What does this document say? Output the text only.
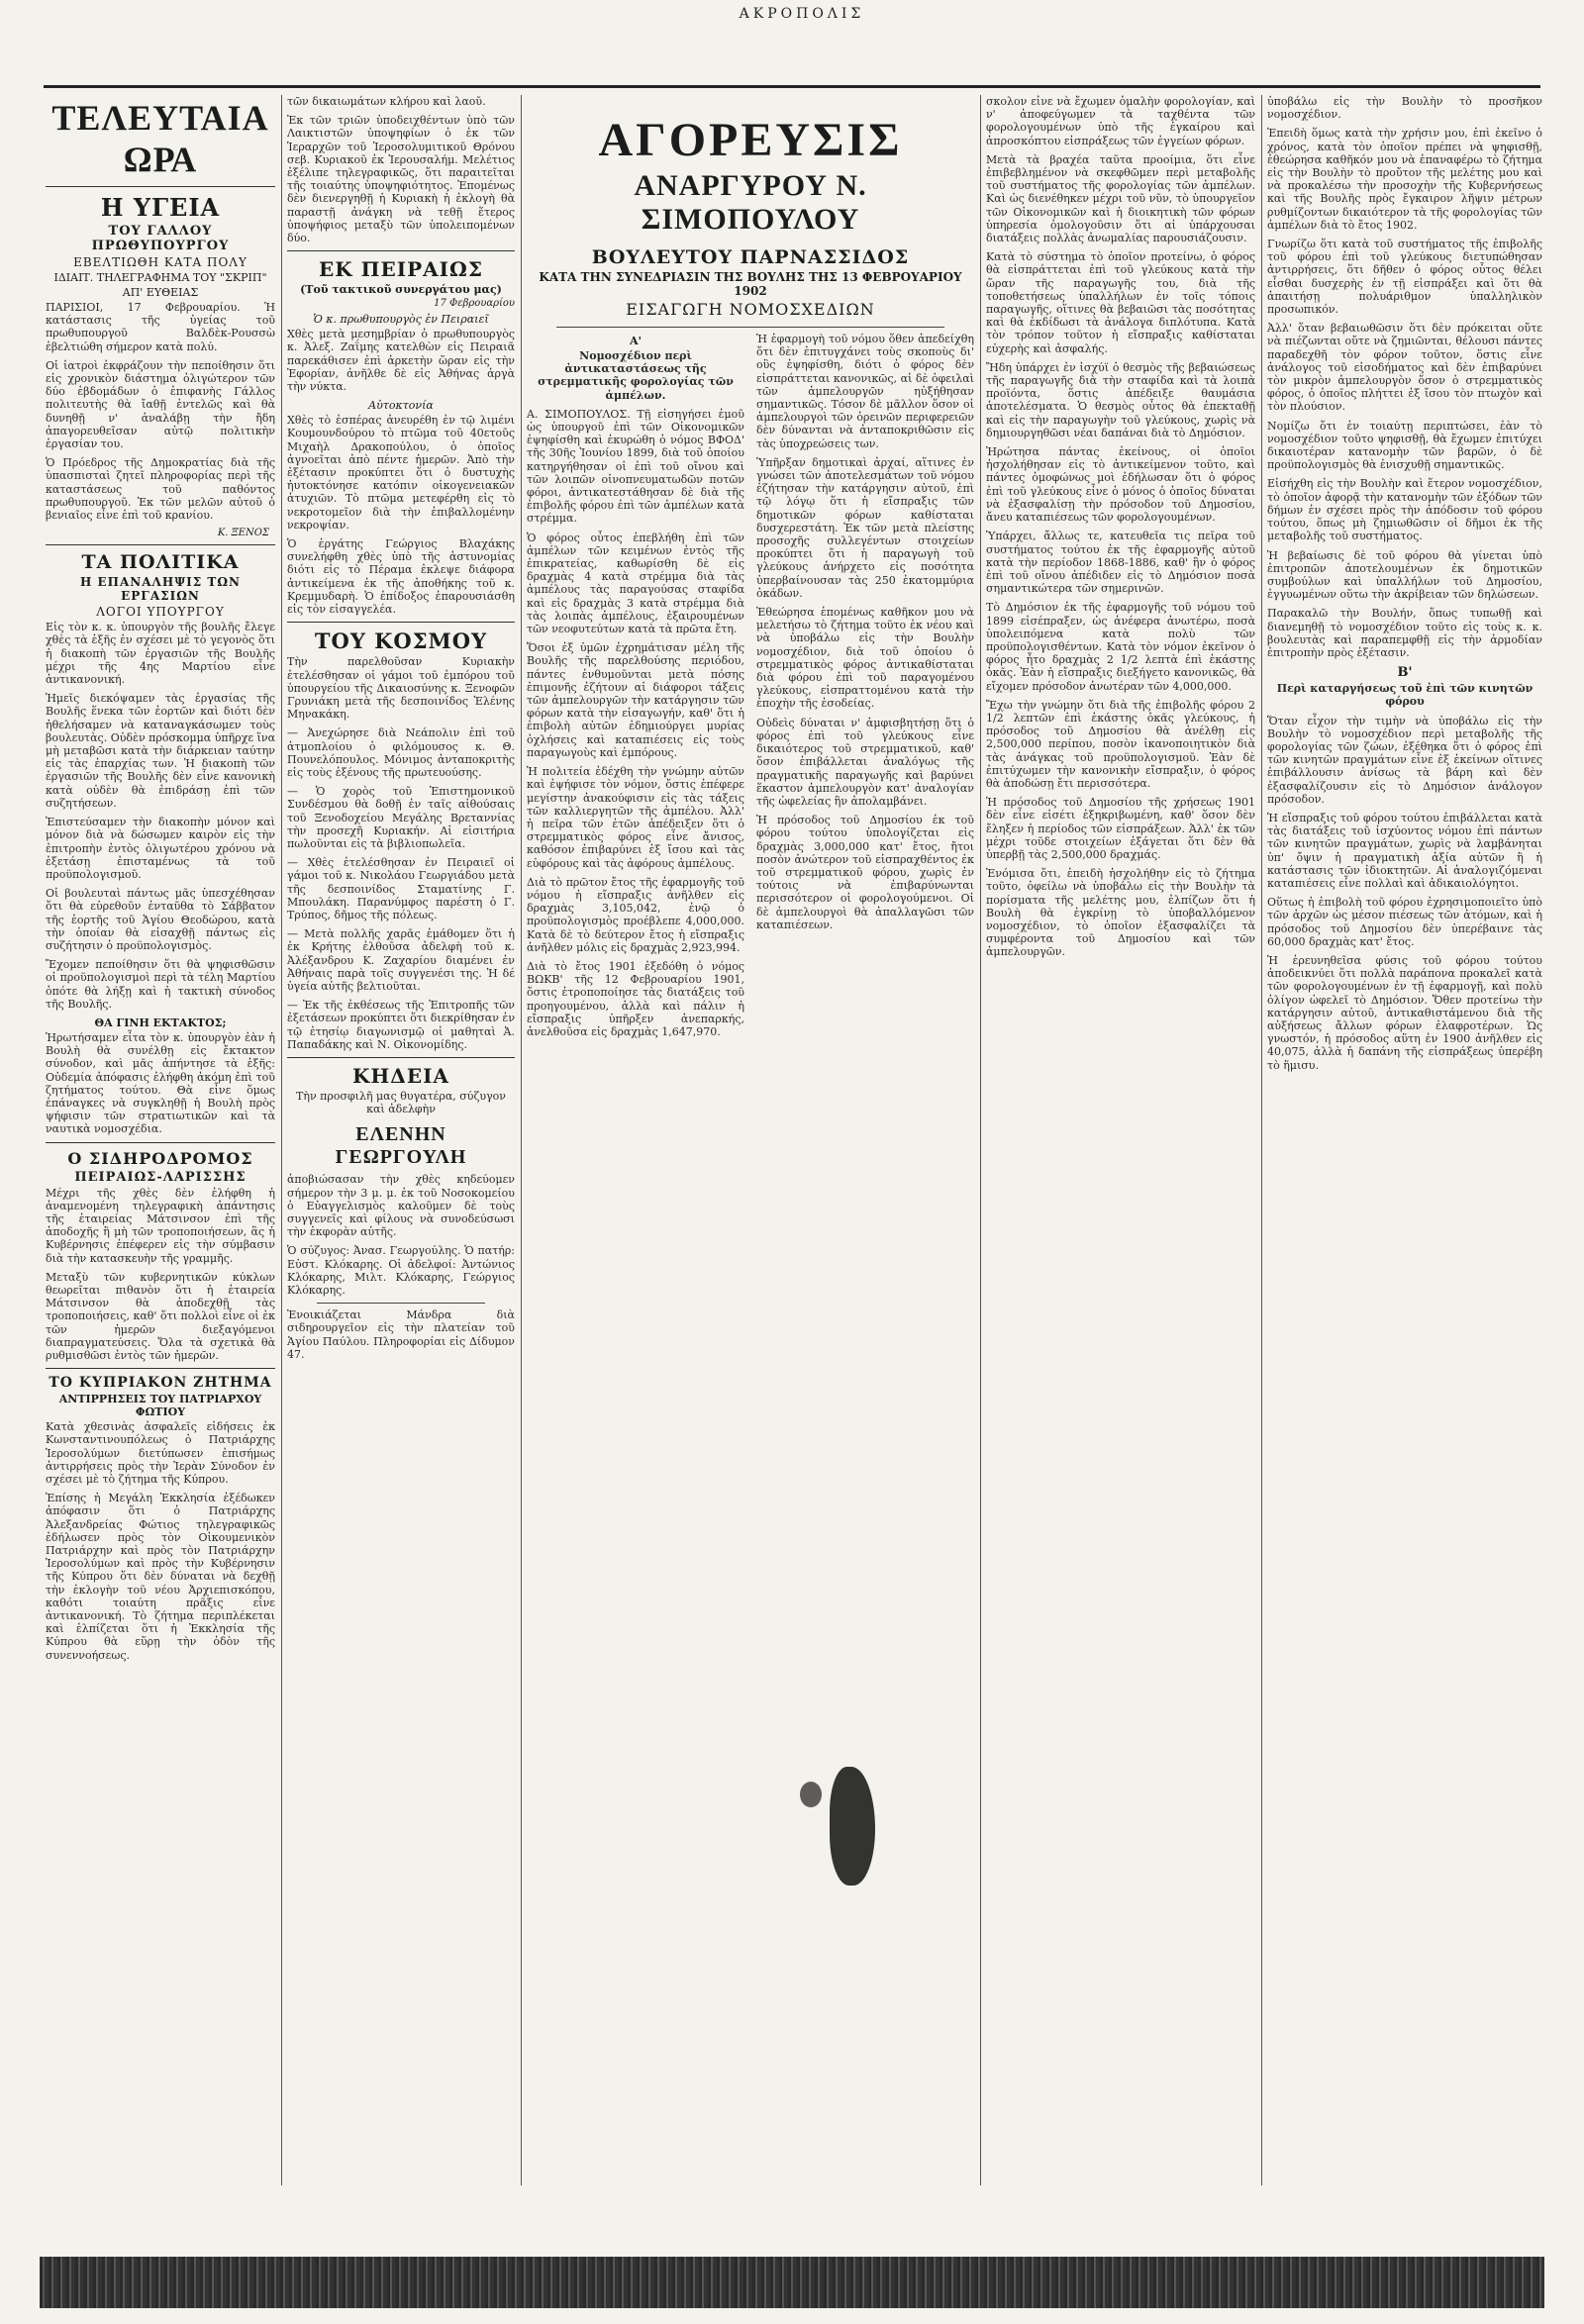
ΑΚΡΟΠΟΛΙΣ
ΤΕΛΕΥΤΑΙΑ ΩΡΑ
Η ΥΓΕΙΑ
ΤΟΥ ΓΑΛΛΟΥ ΠΡΩΘΥΠΟΥΡΓΟΥ
ΕΒΕΛΤΙΩΘΗ ΚΑΤΑ ΠΟΛΥ
ΙΔΙΑΙΤ. ΤΗΛΕΓΡΑΦΗΜΑ ΤΟΥ "ΣΚΡΙΠ"
ΑΠ' ΕΥΘΕΙΑΣ

ΠΑΡΙΣΙΟΙ, 17 Φεβρουαρίου. Ἡ κατάστασις τῆς ὑγείας τοῦ πρωθυπουργοῦ Βαλδὲκ-Ρουσσὼ ἐβελτιώθη σήμερον κατὰ πολύ.

Οἱ ἰατροὶ ἐκφράζουν τὴν πεποίθησιν ὅτι εἰς χρονικὸν διάστημα ὀλιγώτερον τῶν δύο ἑβδομάδων ὁ ἐπιφανὴς Γάλλος πολιτευτὴς θὰ ἴαθῇ ἐντελῶς καὶ θὰ δυνηθῇ ν' ἀναλάβῃ τὴν ἤδη ἀπαγορευθεῖσαν αὐτῷ πολιτικὴν ἐργασίαν του.

Ὁ Πρόεδρος τῆς Δημοκρατίας διὰ τῆς ὑπασπισταὶ ζητεῖ πληροφορίας περὶ τῆς καταστάσεως τοῦ παθόντος πρωθυπουργοῦ. Ἐκ τῶν μελῶν αὐτοῦ ὁ βενιαῖος εἶνε ἐπὶ τοῦ κρανίου.

Κ. ΞΕΝΟΣ
ΤΑ ΠΟΛΙΤΙΚΑ
Η ΕΠΑΝΑΛΗΨΙΣ ΤΩΝ ΕΡΓΑΣΙΩΝ
ΛΟΓΟΙ ΥΠΟΥΡΓΟΥ

Εἰς τὸν κ. κ. ὑπουργὸν τῆς βουλῆς ἔλεγε χθὲς τὰ ἑξῆς ἐν σχέσει μὲ τὸ γεγονὸς ὅτι ἡ διακοπὴ τῶν ἐργασιῶν τῆς Βουλῆς μέχρι τῆς 4ης Μαρτίου εἶνε ἀντικανονική.

Ἡμεῖς διεκόψαμεν τὰς ἐργασίας τῆς Βουλῆς ἕνεκα τῶν ἑορτῶν καὶ διότι δὲν ἠθελήσαμεν νὰ καταναγκάσωμεν τοὺς βουλευτὰς. Οὐδὲν πρόσκομμα ὑπῆρχε ἵνα μὴ μεταβῶσι κατὰ τὴν διάρκειαν ταύτην εἰς τὰς ἐπαρχίας των. Ἡ διακοπὴ τῶν ἐργασιῶν τῆς Βουλῆς δὲν εἶνε κανονικὴ κατὰ οὐδὲν θὰ ἐπιδράσῃ ἐπὶ τῶν συζητήσεων.

Ἐπιστεύσαμεν τὴν διακοπὴν μόνον καὶ μόνον διὰ νὰ δώσωμεν καιρὸν εἰς τὴν ἐπιτροπὴν ἐντὸς ὀλιγωτέρου χρόνου νὰ ἐξετάσῃ ἐπισταμένως τὰ τοῦ προϋπολογισμοῦ.

Οἱ βουλευταὶ πάντως μᾶς ὑπεσχέθησαν ὅτι θὰ εὑρεθοῦν ἐνταῦθα τὸ Σάββατον τῆς ἑορτῆς τοῦ Ἁγίου Θεοδώρου, κατὰ τὴν ὁποίαν θὰ εἰσαχθῇ πάντως εἰς συζήτησιν ὁ προϋπολογισμὸς.

Ἔχομεν πεποίθησιν ὅτι θὰ ψηφισθῶσιν οἱ προϋπολογισμοὶ περὶ τὰ τέλη Μαρτίου ὁπότε θὰ λήξῃ καὶ ἡ τακτικὴ σύνοδος τῆς Βουλῆς.

ΘΑ ΓΙΝΗ ΕΚΤΑΚΤΟΣ;

Ἠρωτήσαμεν εἶτα τὸν κ. ὑπουργὸν ἐὰν ἡ Βουλὴ θὰ συνέλθῃ εἰς ἔκτακτον σύνοδον, καὶ μᾶς ἀπήντησε τὰ ἑξῆς: Οὐδεμία ἀπόφασις ἐλήφθη ἀκόμη ἐπὶ τοῦ ζητήματος τούτου. Θὰ εἶνε ὅμως ἐπάναγκες νὰ συγκληθῇ ἡ Βουλὴ πρὸς ψήφισιν τῶν στρατιωτικῶν καὶ τὰ ναυτικὰ νομοσχέδια.

Ο ΣΙΔΗΡΟΔΡΟΜΟΣ
ΠΕΙΡΑΙΩΣ-ΛΑΡΙΣΣΗΣ

Μέχρι τῆς χθὲς δὲν ἐλήφθη ἡ ἀναμενομένη τηλεγραφικὴ ἀπάντησις τῆς ἑταιρείας Μάτσινσον ἐπὶ τῆς ἀποδοχῆς ἢ μὴ τῶν τροποποιήσεων, ἃς ἡ Κυβέρνησις ἐπέφερεν εἰς τὴν σύμβασιν διὰ τὴν κατασκευὴν τῆς γραμμῆς.

Μεταξὺ τῶν κυβερνητικῶν κύκλων θεωρεῖται πιθανὸν ὅτι ἡ ἑταιρεία Μάτσινσον θὰ ἀποδεχθῇ τὰς τροποποιήσεις, καθ' ὅτι πολλοὶ εἶνε οἱ ἐκ τῶν ἡμερῶν διεξαγόμενοι διαπραγματεύσεις. Ὅλα τὰ σχετικὰ θὰ ρυθμισθῶσι ἐντὸς τῶν ἡμερῶν.

ΤΟ ΚΥΠΡΙΑΚΟΝ ΖΗΤΗΜΑ
ΑΝΤΙΡΡΗΣΕΙΣ ΤΟΥ ΠΑΤΡΙΑΡΧΟΥ ΦΩΤΙΟΥ

Κατὰ χθεσινὰς ἀσφαλεῖς εἰδήσεις ἐκ Κωνσταντινουπόλεως ὁ Πατριάρχης Ἱεροσολύμων διετύπωσεν ἐπισήμως ἀντιρρήσεις πρὸς τὴν Ἱερὰν Σύνοδον ἐν σχέσει μὲ τὸ ζήτημα τῆς Κύπρου.

Ἐπίσης ἡ Μεγάλη Ἐκκλησία ἐξέδωκεν ἀπόφασιν ὅτι ὁ Πατριάρχης Ἀλεξανδρείας Φώτιος τηλεγραφικῶς ἐδήλωσεν πρὸς τὸν Οἰκουμενικὸν Πατριάρχην καὶ πρὸς τὸν Πατριάρχην Ἱεροσολύμων καὶ πρὸς τὴν Κυβέρνησιν τῆς Κύπρου ὅτι δὲν δύναται νὰ δεχθῇ τὴν ἐκλογὴν τοῦ νέου Ἀρχιεπισκόπου, καθότι τοιαύτη πρᾶξις εἶνε ἀντικανονική. Τὸ ζήτημα περιπλέκεται καὶ ἐλπίζεται ὅτι ἡ Ἐκκλησία τῆς Κύπρου θὰ εὕρῃ τὴν ὁδὸν τῆς συνεννοήσεως.

τῶν δικαιωμάτων κλήρου καὶ λαοῦ.

Ἐκ τῶν τριῶν ὑποδειχθέντων ὑπὸ τῶν Λαικτιστῶν ὑποψηφίων ὁ ἐκ τῶν Ἱεραρχῶν τοῦ Ἱεροσολυμιτικοῦ Θρόνου σεβ. Κυριακοῦ ἐκ Ἱερουσαλήμ. Μελέτιος ἐξέλιπε τηλεγραφικῶς, ὅτι παραιτεῖται τῆς τοιαύτης ὑποψηφιότητος. Ἐπομένως δὲν διενεργηθῇ ἡ Κυριακὴ ἡ ἐκλογὴ θὰ παραστῇ ἀνάγκη νὰ τεθῇ ἕτερος ὑποψήφιος μεταξὺ τῶν ὑπολειπομένων δύο.

ΕΚ ΠΕΙΡΑΙΩΣ
(Τοῦ τακτικοῦ συνεργάτου μας)
17 Φεβρουαρίου
Ὁ κ. πρωθυπουργὸς ἐν Πειραιεῖ

Χθὲς μετὰ μεσημβρίαν ὁ πρωθυπουργὸς κ. Ἀλεξ. Ζαΐμης κατελθὼν εἰς Πειραιᾶ παρεκάθισεν ἐπὶ ἀρκετὴν ὥραν εἰς τὴν Ἐφορίαν, ἀνῆλθε δὲ εἰς Ἀθήνας ἀργὰ τὴν νύκτα.

Αὐτοκτονία

Χθὲς τὸ ἑσπέρας ἀνευρέθη ἐν τῷ λιμένι Κουμουνδούρου τὸ πτῶμα τοῦ 40ετοῦς Μιχαὴλ Δρακοπούλου, ὁ ὁποῖος ἀγνοεῖται ἀπὸ πέντε ἡμερῶν. Ἀπὸ τὴν ἐξέτασιν προκύπτει ὅτι ὁ δυστυχὴς ἠυτοκτόνησε κατόπιν οἰκογενειακῶν ἀτυχιῶν. Τὸ πτῶμα μετεφέρθη εἰς τὸ νεκροτομεῖον διὰ τὴν ἐπιβαλλομένην νεκροψίαν.

Ὁ ἐργάτης Γεώργιος Βλαχάκης συνελήφθη χθὲς ὑπὸ τῆς ἀστυνομίας διότι εἰς τὸ Πέραμα ἐκλεψε διάφορα ἀντικείμενα ἐκ τῆς ἀποθήκης τοῦ κ. Κρεμμυδαρὴ. Ὁ ἐπίδοξος ἐπαρουσιάσθη εἰς τὸν εἰσαγγελέα.

ΤΟΥ ΚΟΣΜΟΥ

Τὴν παρελθοῦσαν Κυριακὴν ἐτελέσθησαν οἱ γάμοι τοῦ ἐμπόρου τοῦ ὑπουργείου τῆς Δικαιοσύνης κ. Ξενοφῶν Γρυνιάκη μετὰ τῆς δεσποινίδος Ἑλένης Μηνακάκη.

— Ἀνεχώρησε διὰ Νεάπολιν ἐπὶ τοῦ ἀτμοπλοίου ὁ φιλόμουσος κ. Θ. Πουνελόπουλος. Μόνιμος ἀνταποκριτὴς εἰς τοὺς ἐξένους τῆς πρωτευούσης.

— Ὁ χορὸς τοῦ Ἐπιστημονικοῦ Συνδέσμου θὰ δοθῇ ἐν ταῖς αἰθούσαις τοῦ Ξενοδοχείου Μεγάλης Βρεταννίας τὴν προσεχῆ Κυριακήν. Αἱ εἰσιτήρια πωλοῦνται εἰς τὰ βιβλιοπωλεῖα.

— Χθὲς ἐτελέσθησαν ἐν Πειραιεῖ οἱ γάμοι τοῦ κ. Νικολάου Γεωργιάδου μετὰ τῆς δεσποινίδος Σταματίνης Γ. Μπουλάκη. Παρανύμφος παρέστη ὁ Γ. Τρύπος, δῆμος τῆς πόλεως.

— Μετὰ πολλῆς χαρᾶς ἐμάθομεν ὅτι ἡ ἐκ Κρήτης ἐλθοῦσα ἀδελφὴ τοῦ κ. Ἀλέξανδρου Κ. Ζαχαρίου διαμένει ἐν Ἀθήναις παρὰ τοῖς συγγενέσι της. Ἡ δέ ὑγεία αὐτῆς βελτιοῦται.

— Ἐκ τῆς ἐκθέσεως τῆς Ἐπιτροπῆς τῶν ἐξετάσεων προκύπτει ὅτι διεκρίθησαν ἐν τῷ ἐτησίῳ διαγωνισμῷ οἱ μαθηταὶ Ἀ. Παπαδάκης καὶ Ν. Οἰκονομίδης.

ΚΗΔΕΙΑ

Τὴν προσφιλῆ μας θυγατέρα, σύζυγον καὶ ἀδελφὴν

ΕΛΕΝΗΝ ΓΕΩΡΓΟΥΛΗ

ἀποβιώσασαν τὴν χθὲς κηδεύομεν σήμερον τὴν 3 μ. μ. ἐκ τοῦ Νοσοκομείου ὁ Εὐαγγελισμὸς καλοῦμεν δὲ τοὺς συγγενεῖς καὶ φίλους νὰ συνοδεύσωσι τὴν ἐκφορὰν αὐτῆς.

Ὁ σύζυγος: Ἀνασ. Γεωργούλης. Ὁ πατήρ: Εὐστ. Κλόκαρης. Οἱ ἀδελφοί: Ἀντώνιος Κλόκαρης, Μιλτ. Κλόκαρης, Γεώργιος Κλόκαρης.

Ἐνοικιάζεται Μάνδρα διὰ σιδηρουργεῖον εἰς τὴν πλατείαν τοῦ Ἁγίου Παύλου. Πληροφορίαι εἰς Δίδυμον 47.

ΑΓΟΡΕΥΣΙΣ
ΑΝΑΡΓΥΡΟΥ Ν. ΣΙΜΟΠΟΥΛΟΥ
ΒΟΥΛΕΥΤΟΥ ΠΑΡΝΑΣΣΙΔΟΣ
ΚΑΤΑ ΤΗΝ ΣΥΝΕΔΡΙΑΣΙΝ ΤΗΣ ΒΟΥΛΗΣ ΤΗΣ 13 ΦΕΒΡΟΥΑΡΙΟΥ 1902
ΕΙΣΑΓΩΓΗ ΝΟΜΟΣΧΕΔΙΩΝ
Α'

Νομοσχέδιον περὶ ἀντικαταστάσεως τῆς στρεμματικῆς φορολογίας τῶν ἀμπέλων.

Α. ΣΙΜΟΠΟΥΛΟΣ. Τῇ εἰσηγήσει ἐμοῦ ὡς ὑπουργοῦ ἐπὶ τῶν Οἰκονομικῶν ἐψηφίσθη καὶ ἐκυρώθη ὁ νόμος ΒΦΟΔ' τῆς 30ῆς Ἰουνίου 1899, διὰ τοῦ ὁποίου κατηργήθησαν οἱ ἐπὶ τοῦ οἴνου καὶ τῶν λοιπῶν οἰνοπνευματωδῶν ποτῶν φόροι, ἀντικατεστάθησαν δὲ διὰ τῆς ἐπιβολῆς φόρου ἐπὶ τῶν ἀμπέλων κατὰ στρέμμα.

Ὁ φόρος οὗτος ἐπεβλήθη ἐπὶ τῶν ἀμπέλων τῶν κειμένων ἐντὸς τῆς ἐπικρατείας, καθωρίσθη δὲ εἰς δραχμὰς 4 κατὰ στρέμμα διὰ τὰς ἀμπέλους τὰς παραγούσας σταφίδα καὶ εἰς δραχμὰς 3 κατὰ στρέμμα διὰ τὰς λοιπὰς ἀμπέλους, ἐξαιρουμένων τῶν νεοφυτεύτων κατὰ τὰ πρῶτα ἔτη.

Ὅσοι ἐξ ὑμῶν ἐχρημάτισαν μέλη τῆς Βουλῆς τῆς παρελθούσης περιόδου, πάντες ἐνθυμοῦνται μετὰ πόσης ἐπιμονῆς ἐζήτουν αἱ διάφοροι τάξεις τῶν ἀμπελουργῶν τὴν κατάργησιν τῶν φόρων κατὰ τὴν εἰσαγωγήν, καθ' ὅτι ἡ ἐπιβολὴ αὐτῶν ἐδημιούργει μυρίας ὀχλήσεις καὶ καταπιέσεις εἰς τοὺς παραγωγοὺς καὶ ἐμπόρους.

Ἡ πολιτεία ἐδέχθη τὴν γνώμην αὐτῶν καὶ ἐψήφισε τὸν νόμον, ὅστις ἐπέφερε μεγίστην ἀνακούφισιν εἰς τὰς τάξεις τῶν καλλιεργητῶν τῆς ἀμπέλου. Ἀλλ' ἡ πεῖρα τῶν ἐτῶν ἀπέδειξεν ὅτι ὁ στρεμματικὸς φόρος εἶνε ἄνισος, καθόσον ἐπιβαρύνει ἐξ ἴσου καὶ τὰς εὐφόρους καὶ τὰς ἀφόρους ἀμπέλους.

Διὰ τὸ πρῶτον ἔτος τῆς ἐφαρμογῆς τοῦ νόμου ἡ εἴσπραξις ἀνῆλθεν εἰς δραχμὰς 3,105,042, ἐνῷ ὁ προϋπολογισμὸς προέβλεπε 4,000,000. Κατὰ δὲ τὸ δεύτερον ἔτος ἡ εἴσπραξις ἀνῆλθεν μόλις εἰς δραχμὰς 2,923,994.

Διὰ τὸ ἔτος 1901 ἐξεδόθη ὁ νόμος ΒΩΚΒ' τῆς 12 Φεβρουαρίου 1901, ὅστις ἐτροποποίησε τὰς διατάξεις τοῦ προηγουμένου, ἀλλὰ καὶ πάλιν ἡ εἴσπραξις ὑπῆρξεν ἀνεπαρκής, ἀνελθοῦσα εἰς δραχμὰς 1,647,970.

Ἡ ἐφαρμογὴ τοῦ νόμου ὅθεν ἀπεδείχθη ὅτι δὲν ἐπιτυγχάνει τοὺς σκοποὺς δι' οὓς ἐψηφίσθη, διότι ὁ φόρος δὲν εἰσπράττεται κανονικῶς, αἱ δὲ ὀφειλαὶ τῶν ἀμπελουργῶν ηὐξήθησαν σημαντικῶς. Τόσον δὲ μᾶλλον ὅσον οἱ ἀμπελουργοὶ τῶν ὀρεινῶν περιφερειῶν δὲν δύνανται νὰ ἀνταποκριθῶσιν εἰς τὰς ὑποχρεώσεις των.

Ὑπῆρξαν δημοτικαὶ ἀρχαί, αἵτινες ἐν γνώσει τῶν ἀποτελεσμάτων τοῦ νόμου ἐζήτησαν τὴν κατάργησιν αὐτοῦ, ἐπὶ τῷ λόγῳ ὅτι ἡ εἴσπραξις τῶν δημοτικῶν φόρων καθίσταται δυσχερεστάτη. Ἐκ τῶν μετὰ πλείστης προσοχῆς συλλεγέντων στοιχείων προκύπτει ὅτι ἡ παραγωγὴ τοῦ γλεύκους ἀνήρχετο εἰς ποσότητα ὑπερβαίνουσαν τὰς 250 ἑκατομμύρια ὀκάδων.

Ἐθεώρησα ἑπομένως καθῆκον μου νὰ μελετήσω τὸ ζήτημα τοῦτο ἐκ νέου καὶ νὰ ὑποβάλω εἰς τὴν Βουλὴν νομοσχέδιον, διὰ τοῦ ὁποίου ὁ στρεμματικὸς φόρος ἀντικαθίσταται διὰ φόρου ἐπὶ τοῦ παραγομένου γλεύκους, εἰσπραττομένου κατὰ τὴν ἐποχὴν τῆς ἐσοδείας.

Οὐδεὶς δύναται ν' ἀμφισβητήσῃ ὅτι ὁ φόρος ἐπὶ τοῦ γλεύκους εἶνε δικαιότερος τοῦ στρεμματικοῦ, καθ' ὅσον ἐπιβάλλεται ἀναλόγως τῆς πραγματικῆς παραγωγῆς καὶ βαρύνει ἕκαστον ἀμπελουργὸν κατ' ἀναλογίαν τῆς ὠφελείας ἣν ἀπολαμβάνει.

Ἡ πρόσοδος τοῦ Δημοσίου ἐκ τοῦ φόρου τούτου ὑπολογίζεται εἰς δραχμὰς 3,000,000 κατ' ἔτος, ἤτοι ποσὸν ἀνώτερον τοῦ εἰσπραχθέντος ἐκ τοῦ στρεμματικοῦ φόρου, χωρὶς ἐν τούτοις νὰ ἐπιβαρύνωνται περισσότερον οἱ φορολογούμενοι. Οἱ δὲ ἀμπελουργοὶ θὰ ἀπαλλαγῶσι τῶν καταπιέσεων.

σκολον εἶνε νὰ ἔχωμεν ὁμαλὴν φορολογίαν, καὶ ν' ἀποφεύγωμεν τὰ ταχθέντα τῶν φορολογουμένων ὑπὸ τῆς ἐγκαίρου καὶ ἀπροσκόπτου εἰσπράξεως τῶν ἐγγείων φόρων.

Μετὰ τὰ βραχέα ταῦτα προοίμια, ὅτι εἶνε ἐπιβεβλημένον νὰ σκεφθῶμεν περὶ μεταβολῆς τοῦ συστήματος τῆς φορολογίας τῶν ἀμπέλων. Καὶ ὡς διενέθηκεν μέχρι τοῦ νῦν, τὸ ὑπουργεῖον τῶν Οἰκονομικῶν καὶ ἡ διοικητικὴ τῶν φόρων ὑπηρεσία ὁμολογοῦσιν ὅτι αἱ ὑπάρχουσαι διατάξεις πολλὰς ἀνωμαλίας παρουσιάζουσιν.

Κατὰ τὸ σύστημα τὸ ὁποῖον προτείνω, ὁ φόρος θὰ εἰσπράττεται ἐπὶ τοῦ γλεύκους κατὰ τὴν ὥραν τῆς παραγωγῆς του, διὰ τῆς τοποθετήσεως ὑπαλλήλων ἐν τοῖς τόποις παραγωγῆς, οἵτινες θὰ βεβαιῶσι τὰς ποσότητας καὶ θὰ ἐκδίδωσι τὰ ἀνάλογα διπλότυπα. Κατὰ τὸν τρόπον τοῦτον ἡ εἴσπραξις καθίσταται εὐχερὴς καὶ ἀσφαλής.

Ἤδη ὑπάρχει ἐν ἰσχύϊ ὁ θεσμὸς τῆς βεβαιώσεως τῆς παραγωγῆς διὰ τὴν σταφίδα καὶ τὰ λοιπὰ προϊόντα, ὅστις ἀπέδειξε θαυμάσια ἀποτελέσματα. Ὁ θεσμὸς οὗτος θὰ ἐπεκταθῇ καὶ εἰς τὴν παραγωγὴν τοῦ γλεύκους, χωρὶς νὰ δημιουργηθῶσι νέαι δαπάναι διὰ τὸ Δημόσιον.

Ἠρώτησα πάντας ἐκείνους, οἱ ὁποῖοι ἠσχολήθησαν εἰς τὸ ἀντικείμενον τοῦτο, καὶ πάντες ὁμοφώνως μοὶ ἐδήλωσαν ὅτι ὁ φόρος ἐπὶ τοῦ γλεύκους εἶνε ὁ μόνος ὁ ὁποῖος δύναται νὰ ἐξασφαλίσῃ τὴν πρόσοδον τοῦ Δημοσίου, ἄνευ καταπιέσεως τῶν φορολογουμένων.

Ὑπάρχει, ἄλλως τε, κατευθεῖα τις πεῖρα τοῦ συστήματος τούτου ἐκ τῆς ἐφαρμογῆς αὐτοῦ κατὰ τὴν περίοδον 1868-1886, καθ' ἣν ὁ φόρος ἐπὶ τοῦ οἴνου ἀπέδιδεν εἰς τὸ Δημόσιον ποσὰ σημαντικώτερα τῶν σημερινῶν.

Τὸ Δημόσιον ἐκ τῆς ἐφαρμογῆς τοῦ νόμου τοῦ 1899 εἰσέπραξεν, ὡς ἀνέφερα ἀνωτέρω, ποσὰ ὑπολειπόμενα κατὰ πολὺ τῶν προϋπολογισθέντων. Κατὰ τὸν νόμον ἐκεῖνον ὁ φόρος ἦτο δραχμὰς 2 1/2 λεπτὰ ἐπὶ ἑκάστης ὀκᾶς. Ἐὰν ἡ εἴσπραξις διεξήγετο κανονικῶς, θὰ εἴχομεν πρόσοδον ἀνωτέραν τῶν 4,000,000.

Ἔχω τὴν γνώμην ὅτι διὰ τῆς ἐπιβολῆς φόρου 2 1/2 λεπτῶν ἐπὶ ἑκάστης ὀκᾶς γλεύκους, ἡ πρόσοδος τοῦ Δημοσίου θὰ ἀνέλθῃ εἰς 2,500,000 περίπου, ποσὸν ἱκανοποιητικὸν διὰ τὰς ἀνάγκας τοῦ προϋπολογισμοῦ. Ἐὰν δὲ ἐπιτύχωμεν τὴν κανονικὴν εἴσπραξιν, ὁ φόρος θὰ ἀποδώσῃ ἔτι περισσότερα.

Ἡ πρόσοδος τοῦ Δημοσίου τῆς χρήσεως 1901 δὲν εἶνε εἰσέτι ἐξηκριβωμένη, καθ' ὅσον δὲν ἔληξεν ἡ περίοδος τῶν εἰσπράξεων. Ἀλλ' ἐκ τῶν μέχρι τοῦδε στοιχείων ἐξάγεται ὅτι δὲν θὰ ὑπερβῇ τὰς 2,500,000 δραχμάς.

Ἐνόμισα ὅτι, ἐπειδὴ ἠσχολήθην εἰς τὸ ζήτημα τοῦτο, ὀφείλω νὰ ὑποβάλω εἰς τὴν Βουλὴν τὰ πορίσματα τῆς μελέτης μου, ἐλπίζων ὅτι ἡ Βουλὴ θὰ ἐγκρίνῃ τὸ ὑποβαλλόμενον νομοσχέδιον, τὸ ὁποῖον ἐξασφαλίζει τὰ συμφέροντα τοῦ Δημοσίου καὶ τῶν ἀμπελουργῶν.

ὑποβάλω εἰς τὴν Βουλὴν τὸ προσῆκον νομοσχέδιον.

Ἐπειδὴ ὅμως κατὰ τὴν χρήσιν μου, ἐπὶ ἐκεῖνο ὁ χρόνος, κατὰ τὸν ὁποῖον πρέπει νὰ ψηφισθῇ, ἐθεώρησα καθῆκόν μου νὰ ἐπαναφέρω τὸ ζήτημα εἰς τὴν Βουλὴν τὸ προὔτον τῆς μελέτης μου καὶ νὰ προκαλέσω τὴν προσοχὴν τῆς Κυβερνήσεως καὶ τῆς Βουλῆς πρὸς ἔγκαιρον λῆψιν μέτρων ρυθμίζοντων δικαιότερον τὰ τῆς φορολογίας τῶν ἀμπέλων διὰ τὸ ἔτος 1902.

Γνωρίζω ὅτι κατὰ τοῦ συστήματος τῆς ἐπιβολῆς τοῦ φόρου ἐπὶ τοῦ γλεύκους διετυπώθησαν ἀντιρρήσεις, ὅτι δῆθεν ὁ φόρος οὗτος θέλει εἶσθαι δυσχερὴς ἐν τῇ εἰσπράξει καὶ ὅτι θὰ ἀπαιτήσῃ πολυάριθμον ὑπαλληλικὸν προσωπικόν.

Ἀλλ' ὅταν βεβαιωθῶσιν ὅτι δὲν πρόκειται οὔτε νὰ πιέζωνται οὔτε νὰ ζημιῶνται, θέλουσι πάντες παραδεχθῆ τὸν φόρον τοῦτον, ὅστις εἶνε ἀνάλογος τοῦ εἰσοδήματος καὶ δὲν ἐπιβαρύνει τὸν μικρὸν ἀμπελουργὸν ὅσον ὁ στρεμματικὸς φόρος, ὁ ὁποῖος πλήττει ἐξ ἴσου τὸν πτωχὸν καὶ τὸν πλούσιον.

Νομίζω ὅτι ἐν τοιαύτῃ περιπτώσει, ἐὰν τὸ νομοσχέδιον τοῦτο ψηφισθῇ, θὰ ἔχωμεν ἐπιτύχει δικαιοτέραν κατανομὴν τῶν βαρῶν, ὁ δὲ προϋπολογισμὸς θὰ ἐνισχυθῇ σημαντικῶς.

Εἰσήχθη εἰς τὴν Βουλὴν καὶ ἕτερον νομοσχέδιον, τὸ ὁποῖον ἀφορᾷ τὴν κατανομὴν τῶν ἐξόδων τῶν δήμων ἐν σχέσει πρὸς τὴν ἀπόδοσιν τοῦ φόρου τούτου, ὅπως μὴ ζημιωθῶσιν οἱ δῆμοι ἐκ τῆς μεταβολῆς τοῦ συστήματος.

Ἡ βεβαίωσις δὲ τοῦ φόρου θὰ γίνεται ὑπὸ ἐπιτροπῶν ἀποτελουμένων ἐκ δημοτικῶν συμβούλων καὶ ὑπαλλήλων τοῦ Δημοσίου, ἐγγυωμένων οὕτω τὴν ἀκρίβειαν τῶν δηλώσεων.

Παρακαλῶ τὴν Βουλήν, ὅπως τυπωθῇ καὶ διανεμηθῇ τὸ νομοσχέδιον τοῦτο εἰς τοὺς κ. κ. βουλευτὰς καὶ παραπεμφθῇ εἰς τὴν ἁρμοδίαν ἐπιτροπὴν πρὸς ἐξέτασιν.

Β'

Περὶ καταργήσεως τοῦ ἐπὶ τῶν κινητῶν φόρου

Ὅταν εἶχον τὴν τιμὴν νὰ ὑποβάλω εἰς τὴν Βουλὴν τὸ νομοσχέδιον περὶ μεταβολῆς τῆς φορολογίας τῶν ζώων, ἐξέθηκα ὅτι ὁ φόρος ἐπὶ τῶν κινητῶν πραγμάτων εἶνε ἐξ ἐκείνων οἵτινες ἐπιβάλλουσιν ἀνίσως τὰ βάρη καὶ δὲν ἐξασφαλίζουσιν εἰς τὸ Δημόσιον ἀνάλογον πρόσοδον.

Ἡ εἴσπραξις τοῦ φόρου τούτου ἐπιβάλλεται κατὰ τὰς διατάξεις τοῦ ἰσχύοντος νόμου ἐπὶ πάντων τῶν κινητῶν πραγμάτων, χωρὶς νὰ λαμβάνηται ὑπ' ὄψιν ἡ πραγματικὴ ἀξία αὐτῶν ἢ ἡ κατάστασις τῶν ἰδιοκτητῶν. Αἱ ἀναλογιζόμεναι καταπιέσεις εἶνε πολλαὶ καὶ ἀδικαιολόγητοι.

Οὕτως ἡ ἐπιβολὴ τοῦ φόρου ἐχρησιμοποιεῖτο ὑπὸ τῶν ἀρχῶν ὡς μέσον πιέσεως τῶν ἀτόμων, καὶ ἡ πρόσοδος τοῦ Δημοσίου δὲν ὑπερέβαινε τὰς 60,000 δραχμὰς κατ' ἔτος.

Ἡ ἐρευνηθεῖσα φύσις τοῦ φόρου τούτου ἀποδεικνύει ὅτι πολλὰ παράπονα προκαλεῖ κατὰ τῶν φορολογουμένων ἐν τῇ ἐφαρμογῇ, καὶ πολὺ ὀλίγον ὠφελεῖ τὸ Δημόσιον. Ὅθεν προτείνω τὴν κατάργησιν αὐτοῦ, ἀντικαθιστάμενου διὰ τῆς αὐξήσεως ἄλλων φόρων ἐλαφροτέρων. Ὡς γνωστόν, ἡ πρόσοδος αὕτη ἐν 1900 ἀνῆλθεν εἰς 40,075, ἀλλὰ ἡ δαπάνη τῆς εἰσπράξεως ὑπερέβη τὸ ἥμισυ.
